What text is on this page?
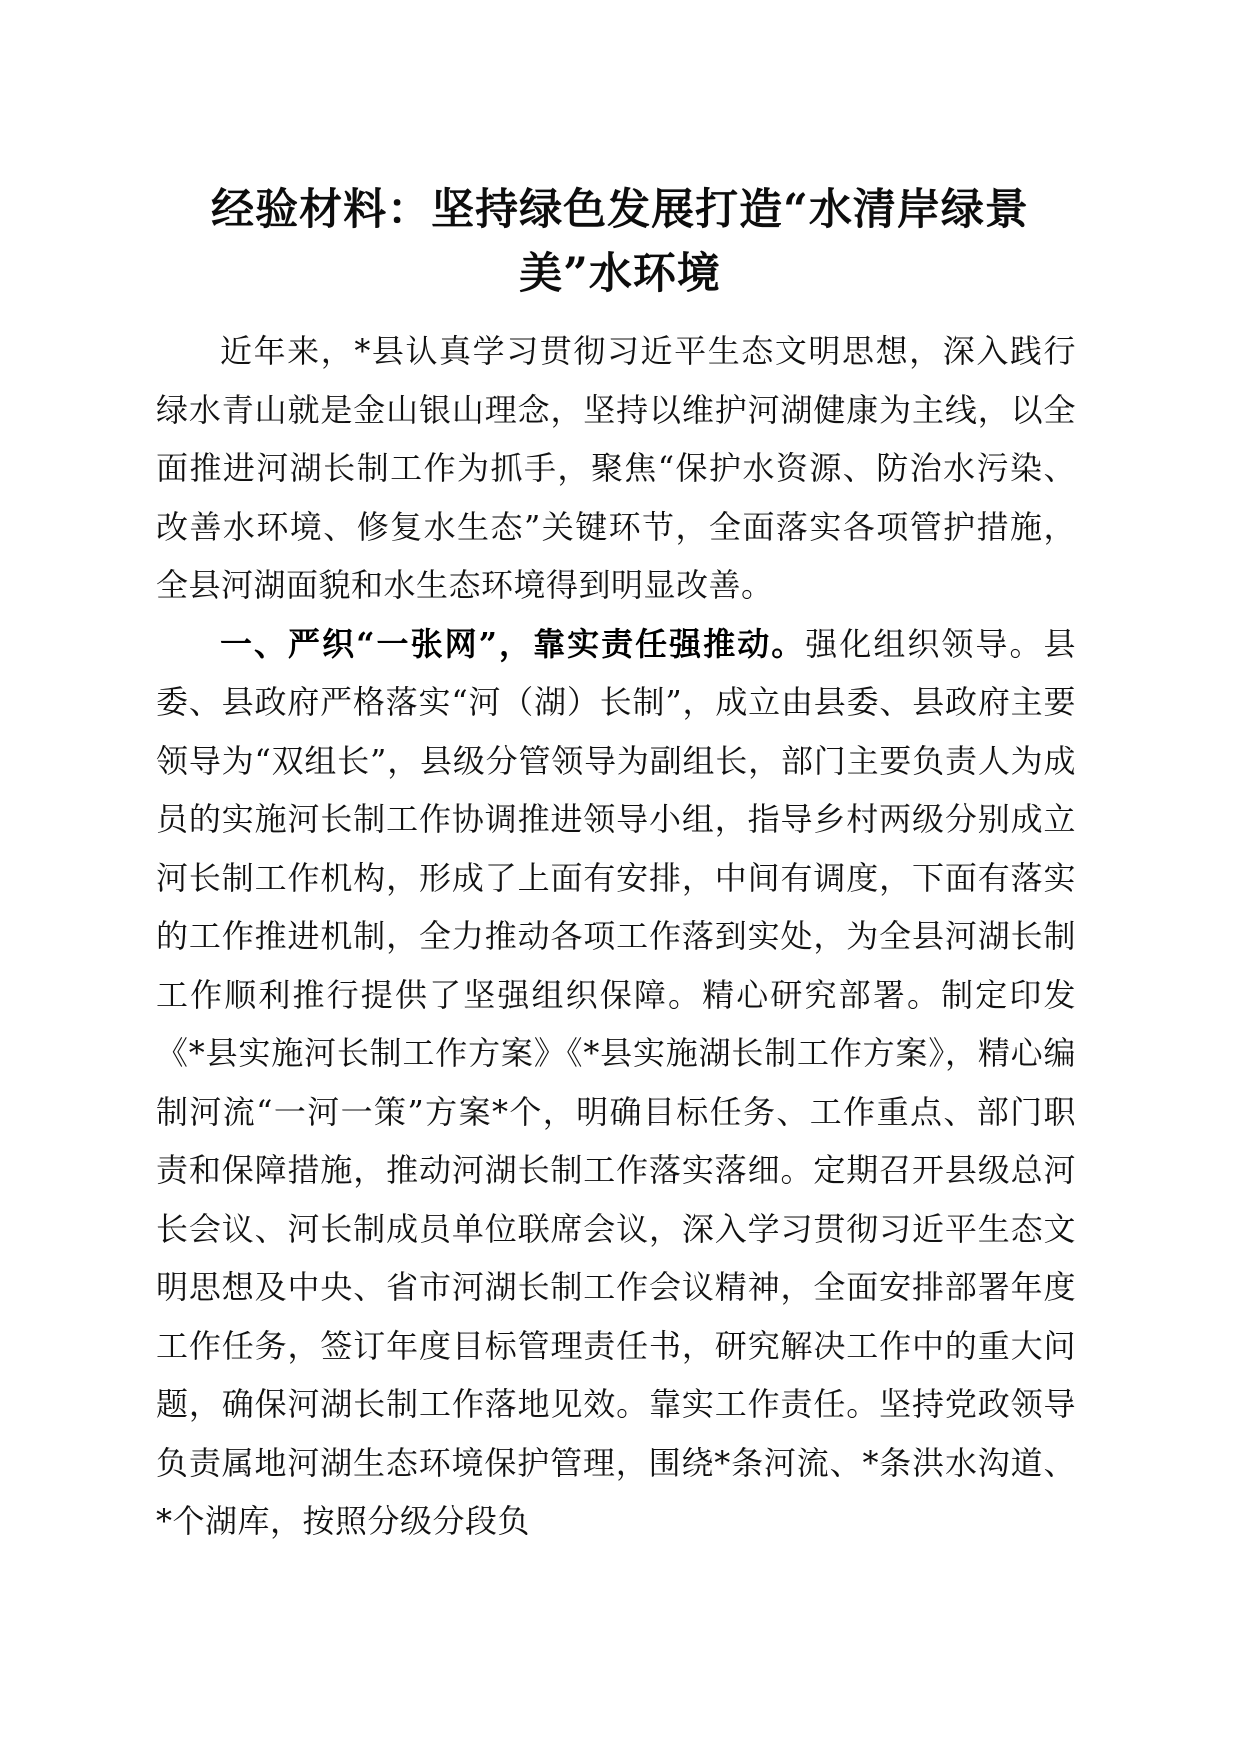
经验材料：坚持绿色发展打造“水清岸绿景
美”水环境

近年来，*县认真学习贯彻习近平生态文明思想，深入践行绿水青山就是金山银山理念，坚持以维护河湖健康为主线，以全面推进河湖长制工作为抓手，聚焦“保护水资源、防治水污染、改善水环境、修复水生态”关键环节，全面落实各项管护措施，全县河湖面貌和水生态环境得到明显改善。

一、严织“一张网”，靠实责任强推动。强化组织领导。县委、县政府严格落实“河（湖）长制”，成立由县委、县政府主要领导为“双组长”，县级分管领导为副组长，部门主要负责人为成员的实施河长制工作协调推进领导小组，指导乡村两级分别成立河长制工作机构，形成了上面有安排，中间有调度，下面有落实的工作推进机制，全力推动各项工作落到实处，为全县河湖长制工作顺利推行提供了坚强组织保障。精心研究部署。制定印发《*县实施河长制工作方案》《*县实施湖长制工作方案》，精心编制河流“一河一策”方案*个，明确目标任务、工作重点、部门职责和保障措施，推动河湖长制工作落实落细。定期召开县级总河长会议、河长制成员单位联席会议，深入学习贯彻习近平生态文明思想及中央、省市河湖长制工作会议精神，全面安排部署年度工作任务，签订年度目标管理责任书，研究解决工作中的重大问题，确保河湖长制工作落地见效。靠实工作责任。坚持党政领导负责属地河湖生态环境保护管理，围绕*条河流、*条洪水沟道、*个湖库，按照分级分段负
